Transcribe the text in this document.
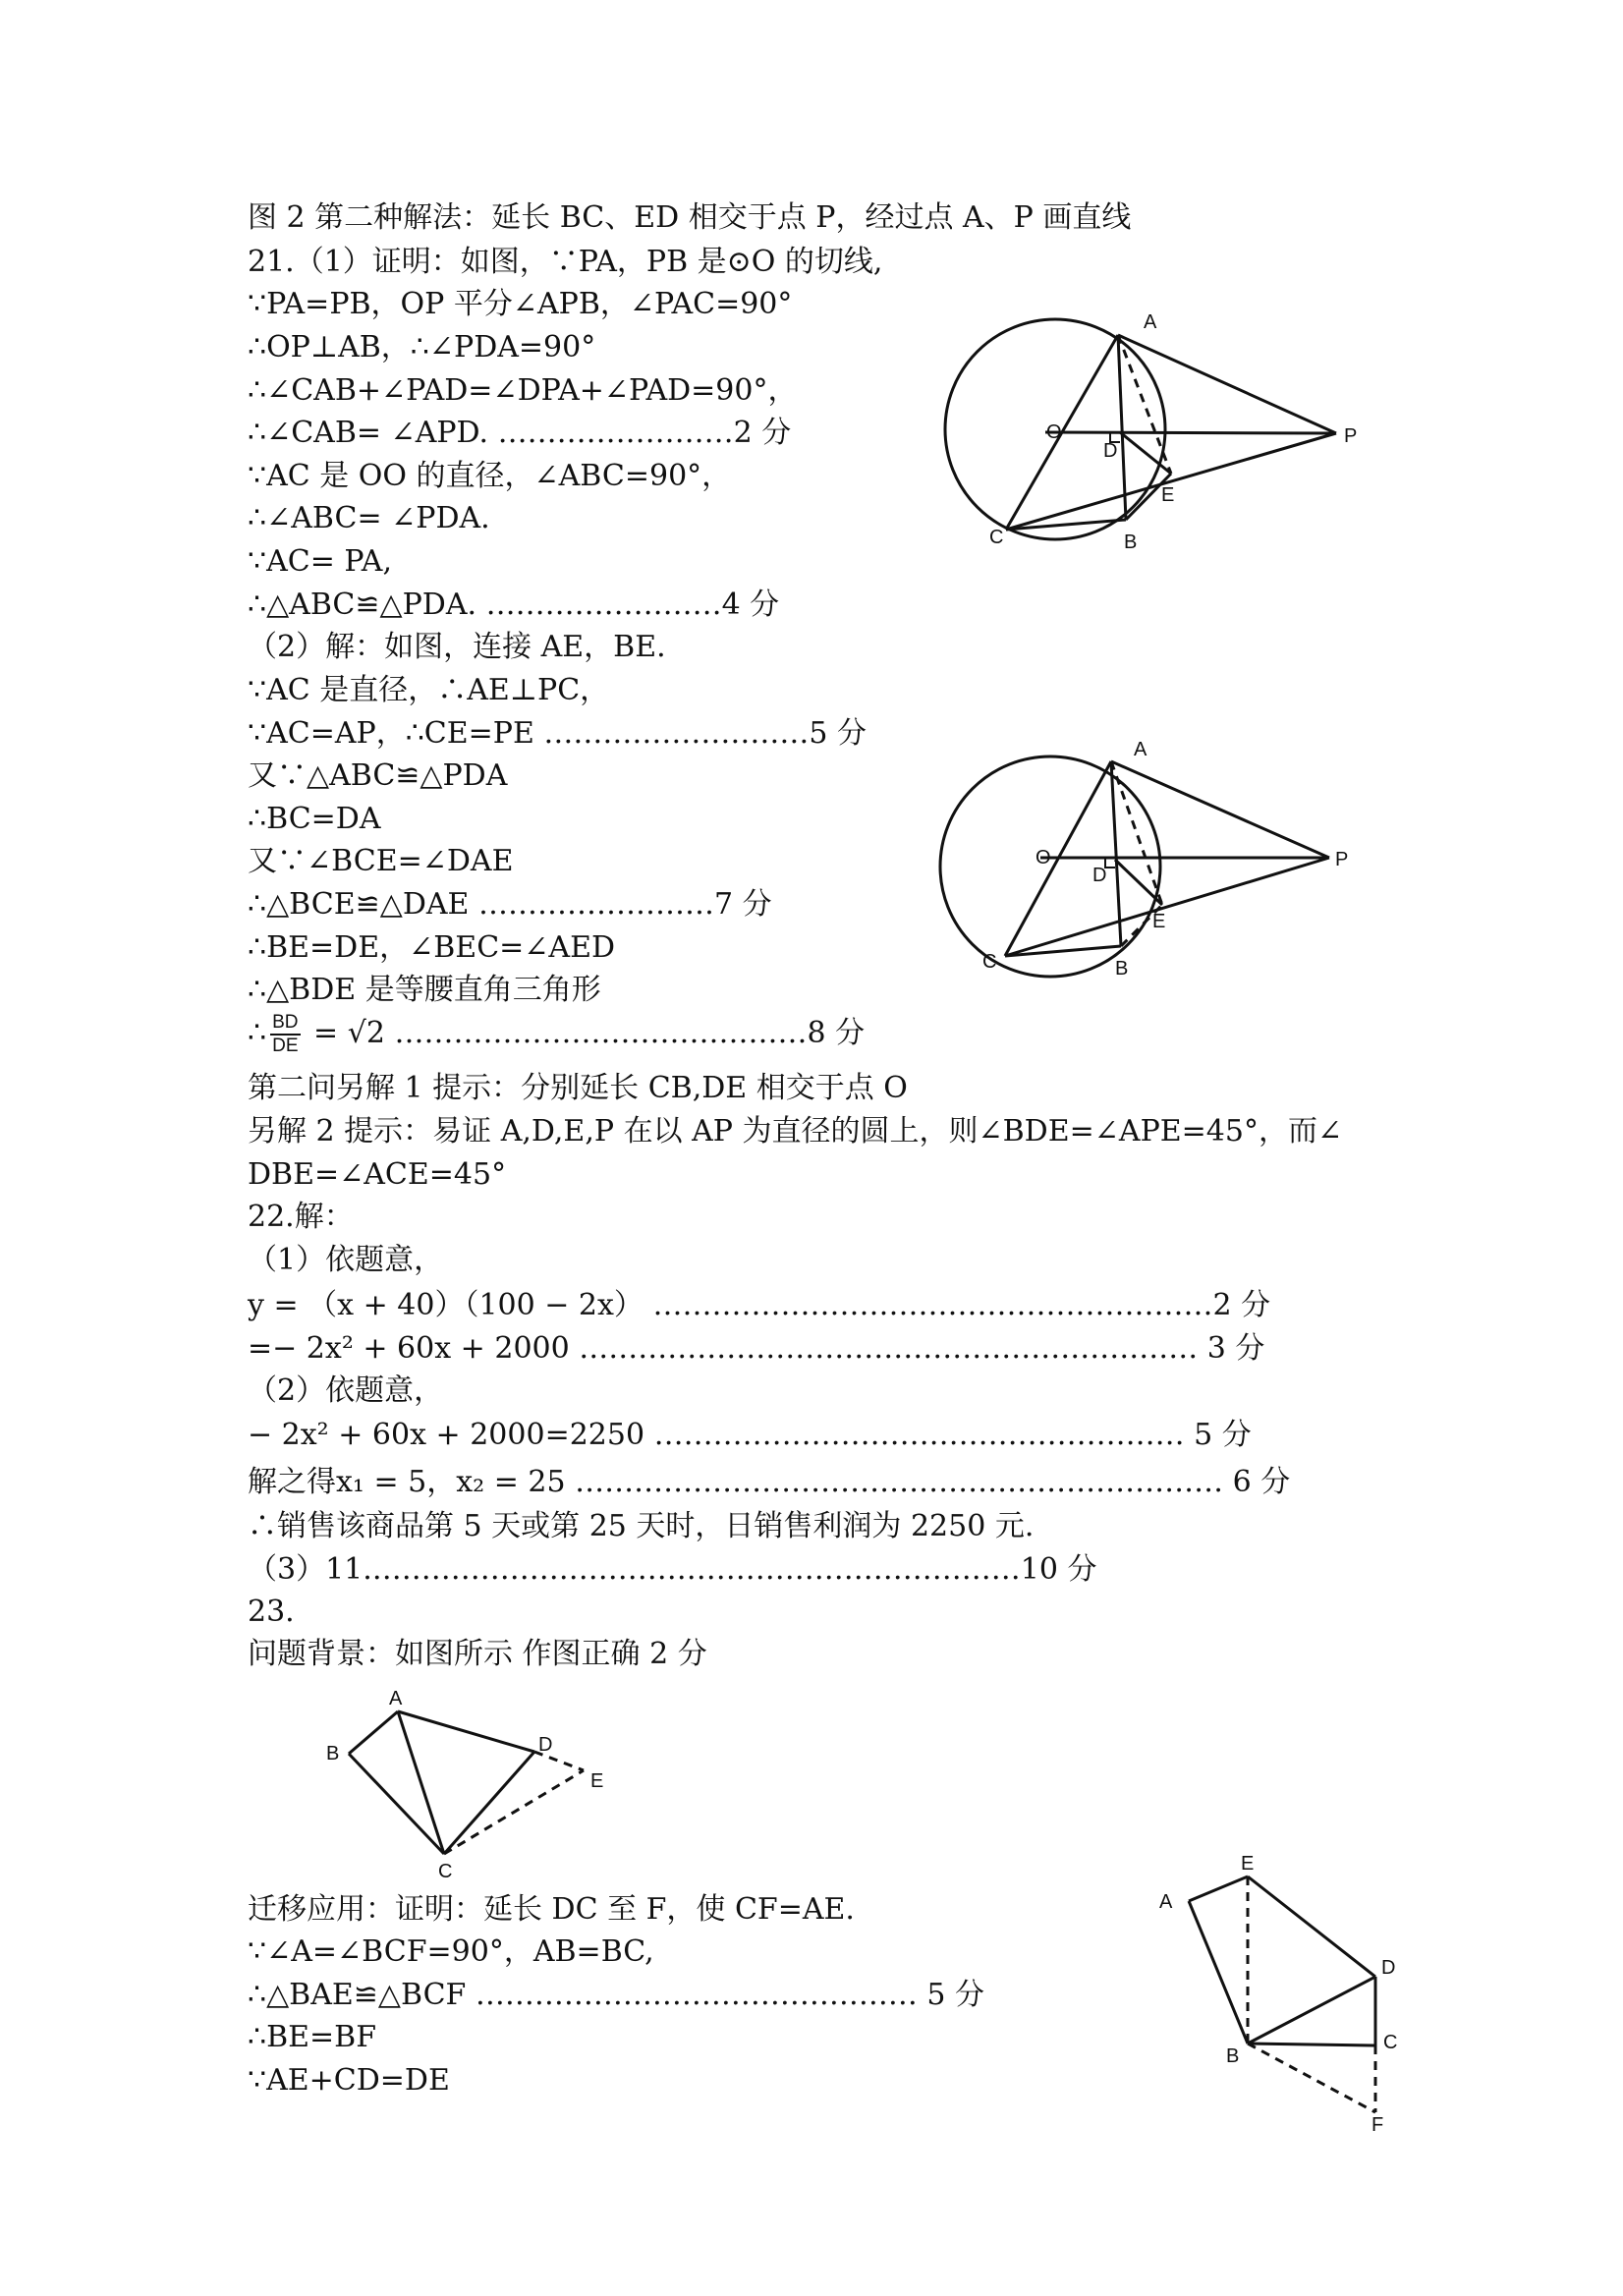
图 2 第二种解法：延长 BC、ED 相交于点 P，经过点 A、P 画直线
21.（1）证明：如图，∵PA，PB 是⊙O 的切线,
∵PA=PB，OP 平分∠APB，∠PAC=90°
∴OP⊥AB，∴∠PDA=90°
∴∠CAB+∠PAD=∠DPA+∠PAD=90°，
∴∠CAB= ∠APD. ……………………2 分
∵AC 是 OO 的直径，∠ABC=90°，
∴∠ABC= ∠PDA.
∵AC= PA,
∴△ABC≌△PDA. ……………………4 分
（2）解：如图，连接 AE，BE.
∵AC 是直径，∴AE⊥PC，
∵AC=AP，∴CE=PE ………………………5 分
又∵△ABC≌△PDA
∴BC=DA
又∵∠BCE=∠DAE
∴△BCE≌△DAE ……………………7 分
∴BE=DE，∠BEC=∠AED
∴△BDE 是等腰直角三角形
∴ $\frac{BD}{DE} = √2$ ……………………………………8 分
第二问另解 1 提示：分别延长 CB,DE 相交于点 O
另解 2 提示：易证 A,D,E,P 在以 AP 为直径的圆上，则∠BDE=∠APE=45°，而∠
DBE=∠ACE=45°
22.解：
（1）依题意，
y = （x + 40）（100 − 2x） …………………………………………………2 分
=− 2x² + 60x + 2000 ……………………………………………………… 3 分
（2）依题意，
− 2x² + 60x + 2000=2250 ……………………………………………… 5 分
解之得x₁ = 5，x₂ = 25 ………………………………………………………… 6 分
∴销售该商品第 5 天或第 25 天时，日销售利润为 2250 元.
（3）11.…………………………………………………………10 分
23.
问题背景：如图所示 作图正确 2 分
迁移应用：证明：延长 DC 至 F，使 CF=AE.
∵∠A=∠BCF=90°，AB=BC,
∴△BAE≌△BCF ……………………………………… 5 分
∴BE=BF
∵AE+CD=DE
A
O
D
P
E
C	B
A
O
D
P
E
C	B
A
B	D
E
C
A
E
D
C
B
F
